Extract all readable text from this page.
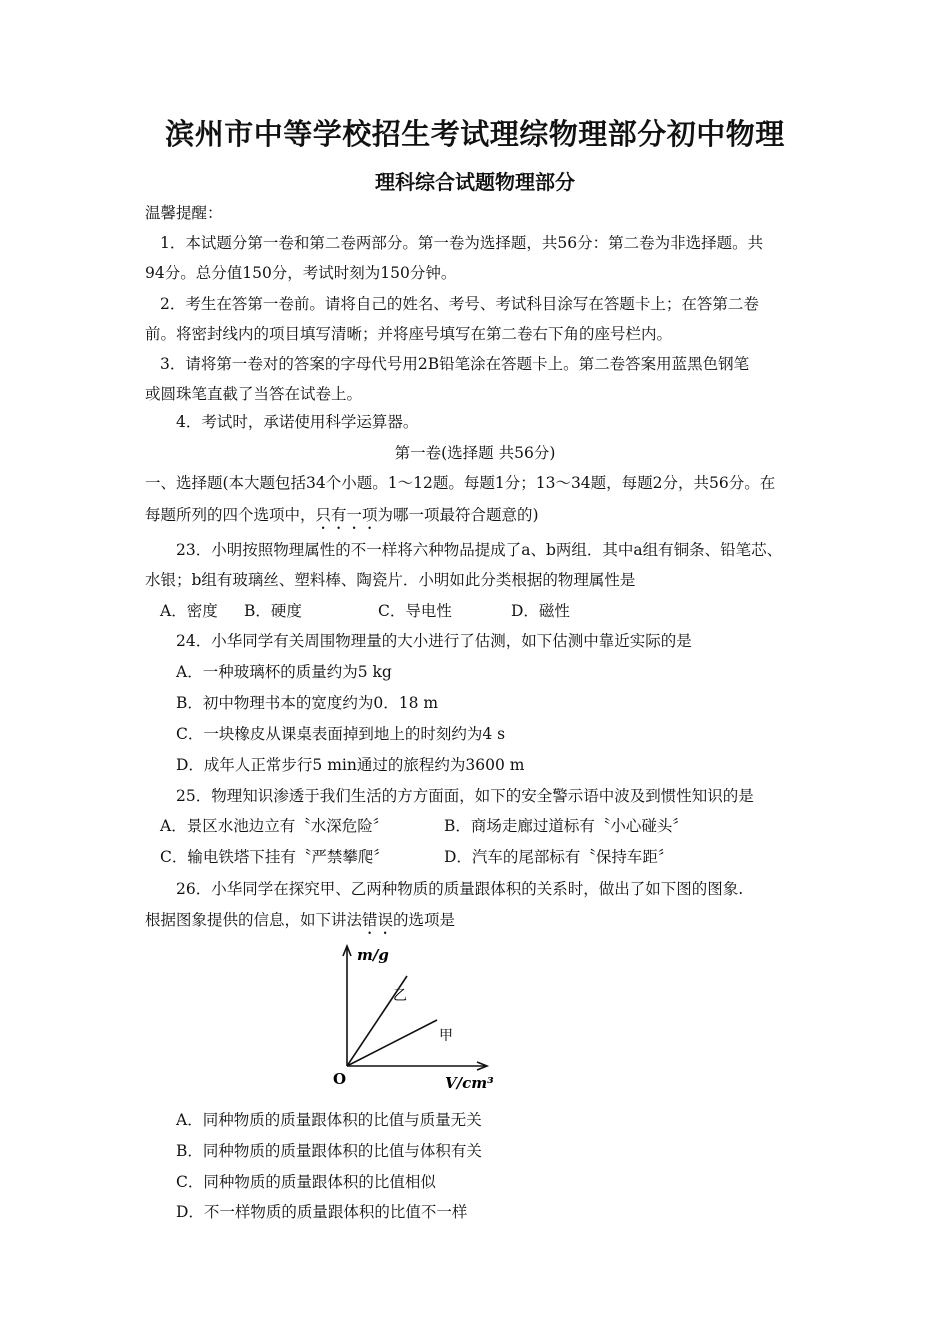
滨州市中等学校招生考试理综物理部分初中物理
理科综合试题物理部分
温馨提醒：
1．本试题分第一卷和第二卷两部分。第一卷为选择题，共56分：第二卷为非选择题。共
94分。总分值150分，考试时刻为150分钟。
2．考生在答第一卷前。请将自己的姓名、考号、考试科目涂写在答题卡上；在答第二卷
前。将密封线内的项目填写清晰；并将座号填写在第二卷右下角的座号栏内。
3．请将第一卷对的答案的字母代号用2B铅笔涂在答题卡上。第二卷答案用蓝黑色钢笔
或圆珠笔直截了当答在试卷上。
4．考试时，承诺使用科学运算器。
第一卷(选择题 共56分)
一、选择题(本大题包括34个小题。1～12题。每题1分；13～34题，每题2分，共56分。在
每题所列的四个选项中，只有一项为哪一项最符合题意的)
23．小明按照物理属性的不一样将六种物品提成了a、b两组．其中a组有铜条、铅笔芯、
水银；b组有玻璃丝、塑料棒、陶瓷片．小明如此分类根据的物理属性是
A．密度 B．硬度	C．导电性	D．磁性
24．小华同学有关周围物理量的大小进行了估测，如下估测中靠近实际的是
A．一种玻璃杯的质量约为5 kg
B．初中物理书本的宽度约为0．18 m
C．一块橡皮从课桌表面掉到地上的时刻约为4 s
D．成年人正常步行5 min通过的旅程约为3600 m
25．物理知识渗透于我们生活的方方面面，如下的安全警示语中波及到惯性知识的是
A．景区水池边立有〝水深危险〞	B．商场走廊过道标有〝小心碰头〞
C．输电铁塔下挂有〝严禁攀爬〞	D．汽车的尾部标有〝保持车距〞
26．小华同学在探究甲、乙两种物质的质量跟体积的关系时，做出了如下图的图象.
根据图象提供的信息，如下讲法错误的选项是
m/g
V/cm³
O
乙
甲
A．同种物质的质量跟体积的比值与质量无关
B．同种物质的质量跟体积的比值与体积有关
C．同种物质的质量跟体积的比值相似
D．不一样物质的质量跟体积的比值不一样
